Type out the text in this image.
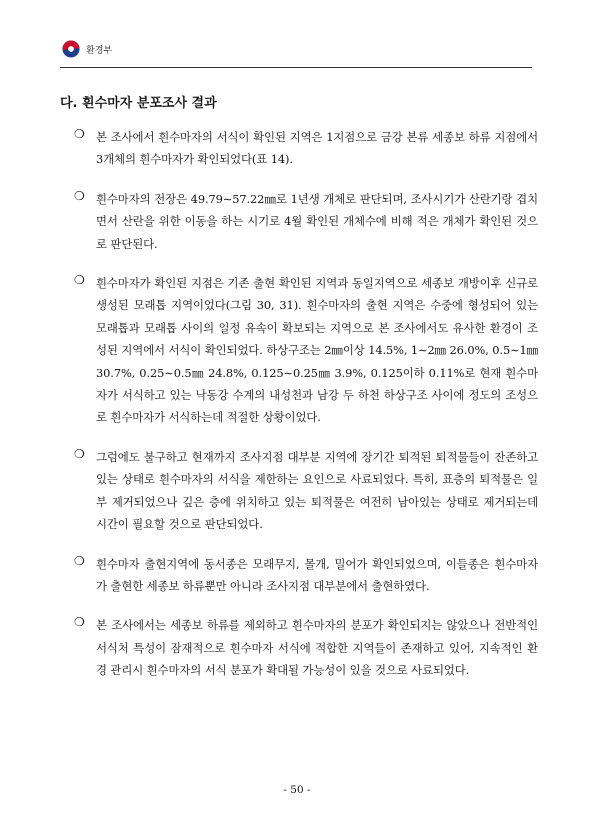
환경부
다. 흰수마자 분포조사 결과
❍ 본 조사에서 흰수마자의 서식이 확인된 지역은 1지점으로 금강 본류 세종보 하류 지점에서 3개체의 흰수마자가 확인되었다(표 14).
❍ 흰수마자의 전장은 49.79∼57.22㎜로 1년생 개체로 판단되며, 조사시기가 산란기랑 겹치면서 산란을 위한 이동을 하는 시기로 4월 확인된 개체수에 비해 적은 개체가 확인된 것으로 판단된다.
❍ 흰수마자가 확인된 지점은 기존 출현 확인된 지역과 동일지역으로 세종보 개방이후 신규로 생성된 모래톱 지역이었다(그림 30, 31). 흰수마자의 출현 지역은 수중에 형성되어 있는 모래톱과 모래톱 사이의 일정 유속이 확보되는 지역으로 본 조사에서도 유사한 환경이 조성된 지역에서 서식이 확인되었다. 하상구조는 2㎜이상 14.5%, 1∼2㎜ 26.0%, 0.5∼1㎜ 30.7%, 0.25∼0.5㎜ 24.8%, 0.125∼0.25㎜ 3.9%, 0.125이하 0.11%로 현재 흰수마자가 서식하고 있는 낙동강 수계의 내성천과 남강 두 하천 하상구조 사이에 정도의 조성으로 흰수마자가 서식하는데 적절한 상황이었다.
❍ 그럼에도 불구하고 현재까지 조사지점 대부분 지역에 장기간 퇴적된 퇴적물들이 잔존하고 있는 상태로 흰수마자의 서식을 제한하는 요인으로 사료되었다. 특히, 표층의 퇴적물은 일부 제거되었으나 깊은 층에 위치하고 있는 퇴적물은 여전히 남아있는 상태로 제거되는데 시간이 필요할 것으로 판단되었다.
❍ 흰수마자 출현지역에 동서종은 모래무지, 몰개, 밀어가 확인되었으며, 이들종은 흰수마자가 출현한 세종보 하류뿐만 아니라 조사지점 대부분에서 출현하였다.
❍ 본 조사에서는 세종보 하류를 제외하고 흰수마자의 분포가 확인되지는 않았으나 전반적인 서식처 특성이 잠재적으로 흰수마자 서식에 적합한 지역들이 존재하고 있어, 지속적인 환경 관리시 흰수마자의 서식 분포가 확대될 가능성이 있을 것으로 사료되었다.
- 50 -
